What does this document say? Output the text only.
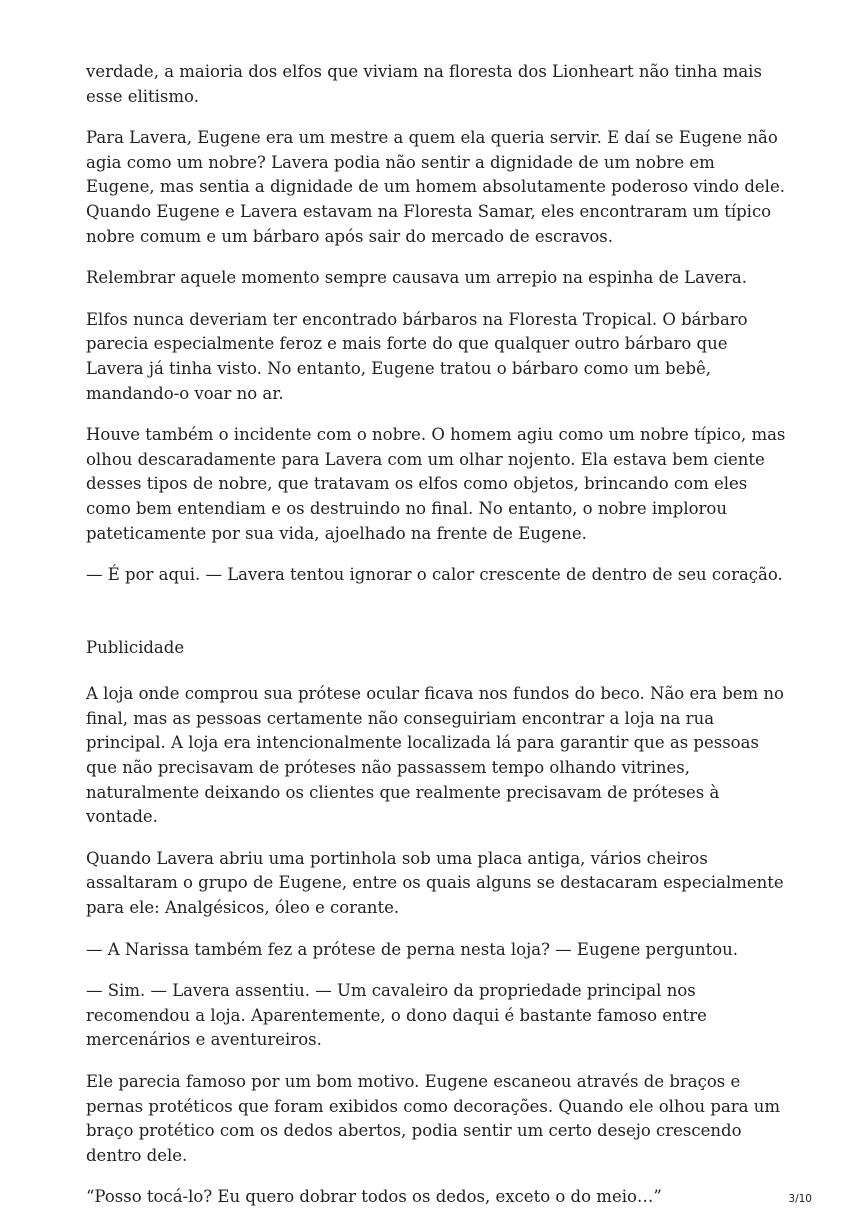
verdade, a maioria dos elfos que viviam na floresta dos Lionheart não tinha mais esse elitismo.

Para Lavera, Eugene era um mestre a quem ela queria servir. E daí se Eugene não agia como um nobre? Lavera podia não sentir a dignidade de um nobre em Eugene, mas sentia a dignidade de um homem absolutamente poderoso vindo dele. Quando Eugene e Lavera estavam na Floresta Samar, eles encontraram um típico nobre comum e um bárbaro após sair do mercado de escravos.

Relembrar aquele momento sempre causava um arrepio na espinha de Lavera.

Elfos nunca deveriam ter encontrado bárbaros na Floresta Tropical. O bárbaro parecia especialmente feroz e mais forte do que qualquer outro bárbaro que Lavera já tinha visto. No entanto, Eugene tratou o bárbaro como um bebê, mandando-o voar no ar.

Houve também o incidente com o nobre. O homem agiu como um nobre típico, mas olhou descaradamente para Lavera com um olhar nojento. Ela estava bem ciente desses tipos de nobre, que tratavam os elfos como objetos, brincando com eles como bem entendiam e os destruindo no final. No entanto, o nobre implorou pateticamente por sua vida, ajoelhado na frente de Eugene.

— É por aqui. — Lavera tentou ignorar o calor crescente de dentro de seu coração.

Publicidade

A loja onde comprou sua prótese ocular ficava nos fundos do beco. Não era bem no final, mas as pessoas certamente não conseguiriam encontrar a loja na rua principal. A loja era intencionalmente localizada lá para garantir que as pessoas que não precisavam de próteses não passassem tempo olhando vitrines, naturalmente deixando os clientes que realmente precisavam de próteses à vontade.

Quando Lavera abriu uma portinhola sob uma placa antiga, vários cheiros assaltaram o grupo de Eugene, entre os quais alguns se destacaram especialmente para ele: Analgésicos, óleo e corante.

— A Narissa também fez a prótese de perna nesta loja? — Eugene perguntou.

— Sim. — Lavera assentiu. — Um cavaleiro da propriedade principal nos recomendou a loja. Aparentemente, o dono daqui é bastante famoso entre mercenários e aventureiros.

Ele parecia famoso por um bom motivo. Eugene escaneou através de braços e pernas protéticos que foram exibidos como decorações. Quando ele olhou para um braço protético com os dedos abertos, podia sentir um certo desejo crescendo dentro dele.

“Posso tocá-lo? Eu quero dobrar todos os dedos, exceto o do meio…”	3/10
